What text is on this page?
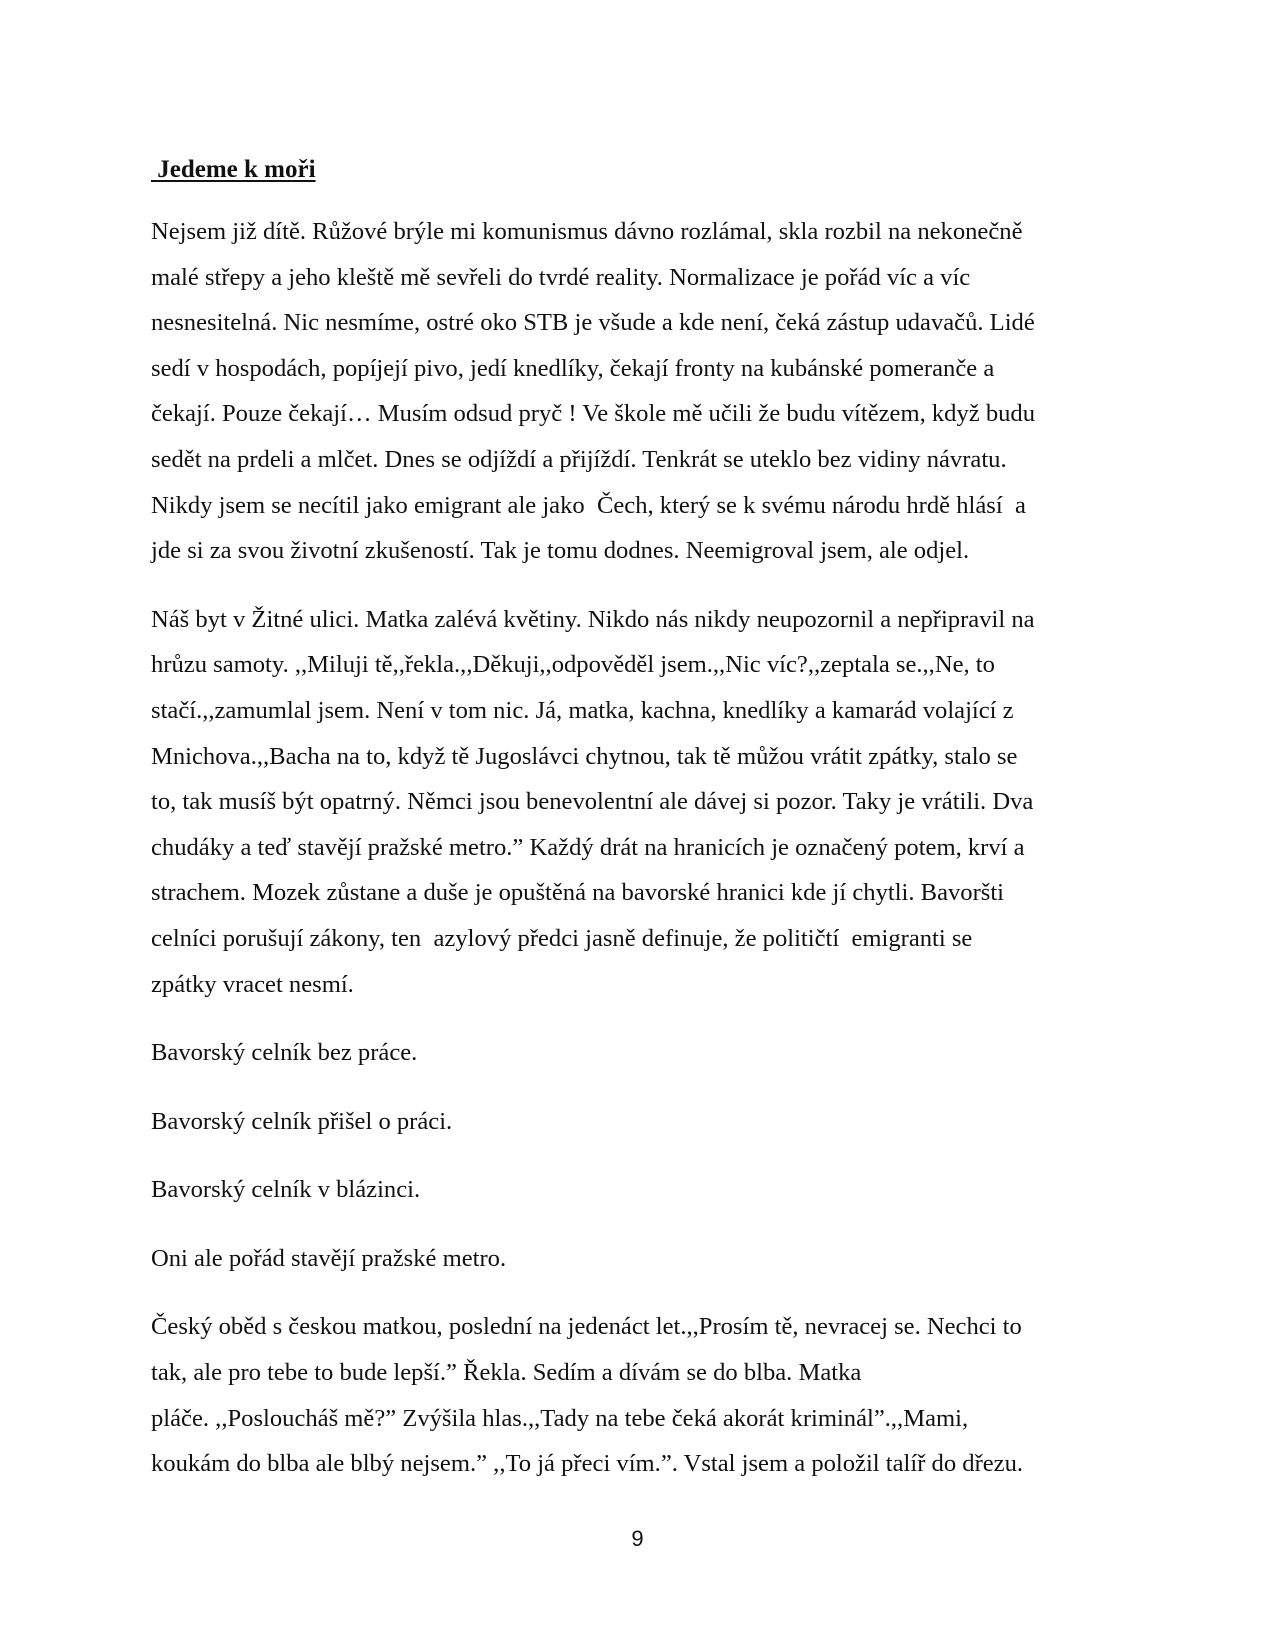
Jedeme k moři
Nejsem již dítě. Růžové brýle mi komunismus dávno rozlámal, skla rozbil na nekonečně
malé střepy a jeho kleště mě sevřeli do tvrdé reality. Normalizace je pořád víc a víc
nesnesitelná. Nic nesmíme, ostré oko STB je všude a kde není, čeká zástup udavačů. Lidé
sedí v hospodách, popíjejí pivo, jedí knedlíky, čekají fronty na kubánské pomeranče a
čekají. Pouze čekají… Musím odsud pryč ! Ve škole mě učili že budu vítězem, když budu
sedět na prdeli a mlčet. Dnes se odjíždí a přijíždí. Tenkrát se uteklo bez vidiny návratu.
Nikdy jsem se necítil jako emigrant ale jako  Čech, který se k svému národu hrdě hlásí  a
jde si za svou životní zkušeností. Tak je tomu dodnes. Neemigroval jsem, ale odjel.
Náš byt v Žitné ulici. Matka zalévá květiny. Nikdo nás nikdy neupozornil a nepřipravil na
hrůzu samoty. ,,Miluji tě,,řekla.,,Děkuji,,odpověděl jsem.,,Nic víc?,,zeptala se.,,Ne, to
stačí.,,zamumlal jsem. Není v tom nic. Já, matka, kachna, knedlíky a kamarád volající z
Mnichova.,,Bacha na to, když tě Jugoslávci chytnou, tak tě můžou vrátit zpátky, stalo se
to, tak musíš být opatrný. Němci jsou benevolentní ale dávej si pozor. Taky je vrátili. Dva
chudáky a teď stavějí pražské metro.” Každý drát na hranicích je označený potem, krví a
strachem. Mozek zůstane a duše je opuštěná na bavorské hranici kde jí chytli. Bavoršti
celníci porušují zákony, ten  azylový předci jasně definuje, že političtí  emigranti se
zpátky vracet nesmí.
Bavorský celník bez práce.
Bavorský celník přišel o práci.
Bavorský celník v blázinci.
Oni ale pořád stavějí pražské metro.
Český oběd s českou matkou, poslední na jedenáct let.,,Prosím tě, nevracej se. Nechci to
tak, ale pro tebe to bude lepší.” Řekla. Sedím a dívám se do blba. Matka
pláče. ,,Posloucháš mě?” Zvýšila hlas.,,Tady na tebe čeká akorát kriminál”.,,Mami,
koukám do blba ale blbý nejsem.” ,,To já přeci vím.”. Vstal jsem a položil talíř do dřezu.
9
